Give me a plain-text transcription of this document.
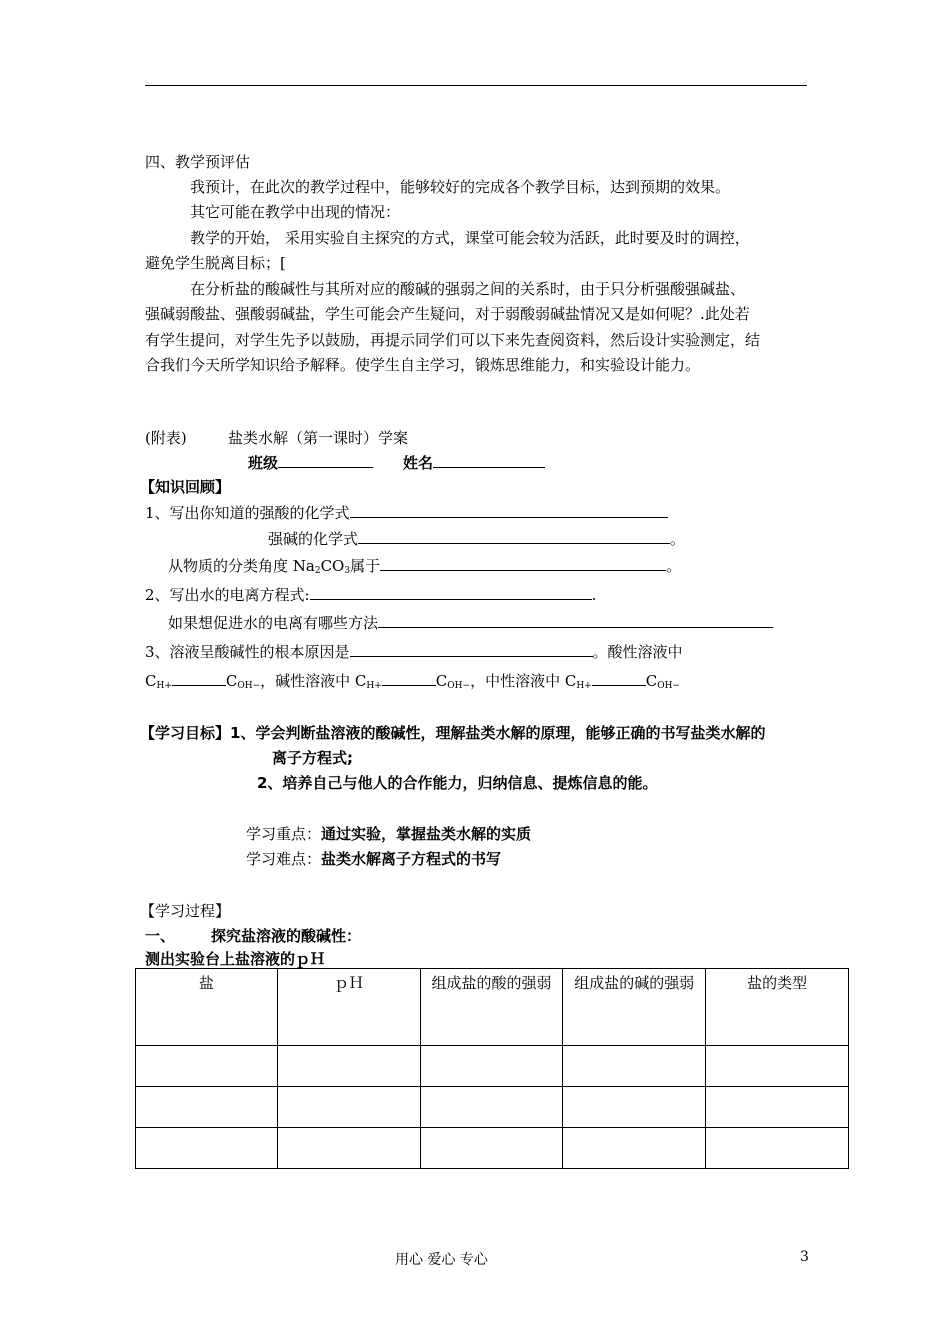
四、教学预评估
我预计，在此次的教学过程中，能够较好的完成各个教学目标，达到预期的效果。
其它可能在教学中出现的情况：
教学的开始， 采用实验自主探究的方式，课堂可能会较为活跃，此时要及时的调控，
避免学生脱离目标；[
在分析盐的酸碱性与其所对应的酸碱的强弱之间的关系时，由于只分析强酸强碱盐、
强碱弱酸盐、强酸弱碱盐，学生可能会产生疑问，对于弱酸弱碱盐情况又是如何呢？.此处若
有学生提问，对学生先予以鼓励，再提示同学们可以下来先查阅资料，然后设计实验测定，结
合我们今天所学知识给予解释。使学生自主学习，锻炼思维能力，和实验设计能力。
(附表)	盐类水解（第一课时）学案
班级	姓名
【知识回顾】
1、写出你知道的强酸的化学式
强碱的化学式	。
从物质的分类角度 $Na_2CO_3$属于	。
2、写出水的电离方程式:	.
如果想促进水的电离有哪些方法
3、溶液呈酸碱性的根本原因是	。酸性溶液中
$C_{H+}$	$C_{OH-}$，碱性溶液中 $C_{H+}$	$C_{OH-}$，中性溶液中 $C_{H+}$	$C_{OH-}$
【学习目标】1、学会判断盐溶液的酸碱性，理解盐类水解的原理，能够正确的书写盐类水解的
离子方程式;
2、培养自己与他人的合作能力，归纳信息、提炼信息的能。
学习重点：通过实验，掌握盐类水解的实质
学习难点：盐类水解离子方程式的书写
【学习过程】
一、 探究盐溶液的酸碱性：
测出实验台上盐溶液的ｐＨ
盐	ｐＨ	组成盐的酸的强弱	组成盐的碱的强弱	盐的类型

用心 爱心 专心	3
